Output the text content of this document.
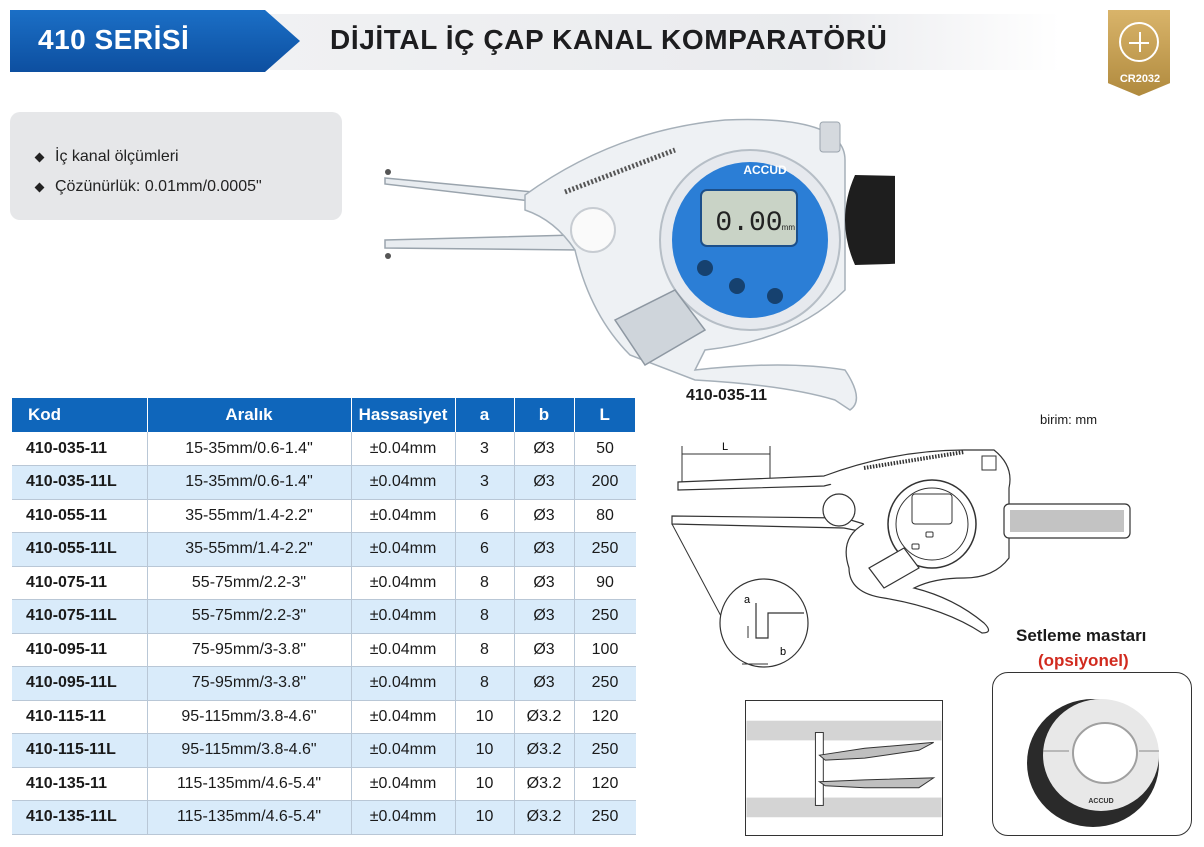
410 SERİSİ	DİJİTAL İÇ ÇAP KANAL KOMPARATÖRÜ
CR2032
İç kanal ölçümleri
Çözünürlük: 0.01mm/0.0005"
0.00 mm
ACCUD
410-035-11
birim: mm
Kod	Aralık	Hassasiyet	a	b	L
410-035-11	15-35mm/0.6-1.4"	±0.04mm	3	Ø3	50
410-035-11L	15-35mm/0.6-1.4"	±0.04mm	3	Ø3	200
410-055-11	35-55mm/1.4-2.2"	±0.04mm	6	Ø3	80
410-055-11L	35-55mm/1.4-2.2"	±0.04mm	6	Ø3	250
410-075-11	55-75mm/2.2-3"	±0.04mm	8	Ø3	90
410-075-11L	55-75mm/2.2-3"	±0.04mm	8	Ø3	250
410-095-11	75-95mm/3-3.8"	±0.04mm	8	Ø3	100
410-095-11L	75-95mm/3-3.8"	±0.04mm	8	Ø3	250
410-115-11	95-115mm/3.8-4.6"	±0.04mm	10	Ø3.2	120
410-115-11L	95-115mm/3.8-4.6"	±0.04mm	10	Ø3.2	250
410-135-11	115-135mm/4.6-5.4"	±0.04mm	10	Ø3.2	120
410-135-11L	115-135mm/4.6-5.4"	±0.04mm	10	Ø3.2	250
L
a
b
Setleme mastarı
(opsiyonel)
ACCUD
